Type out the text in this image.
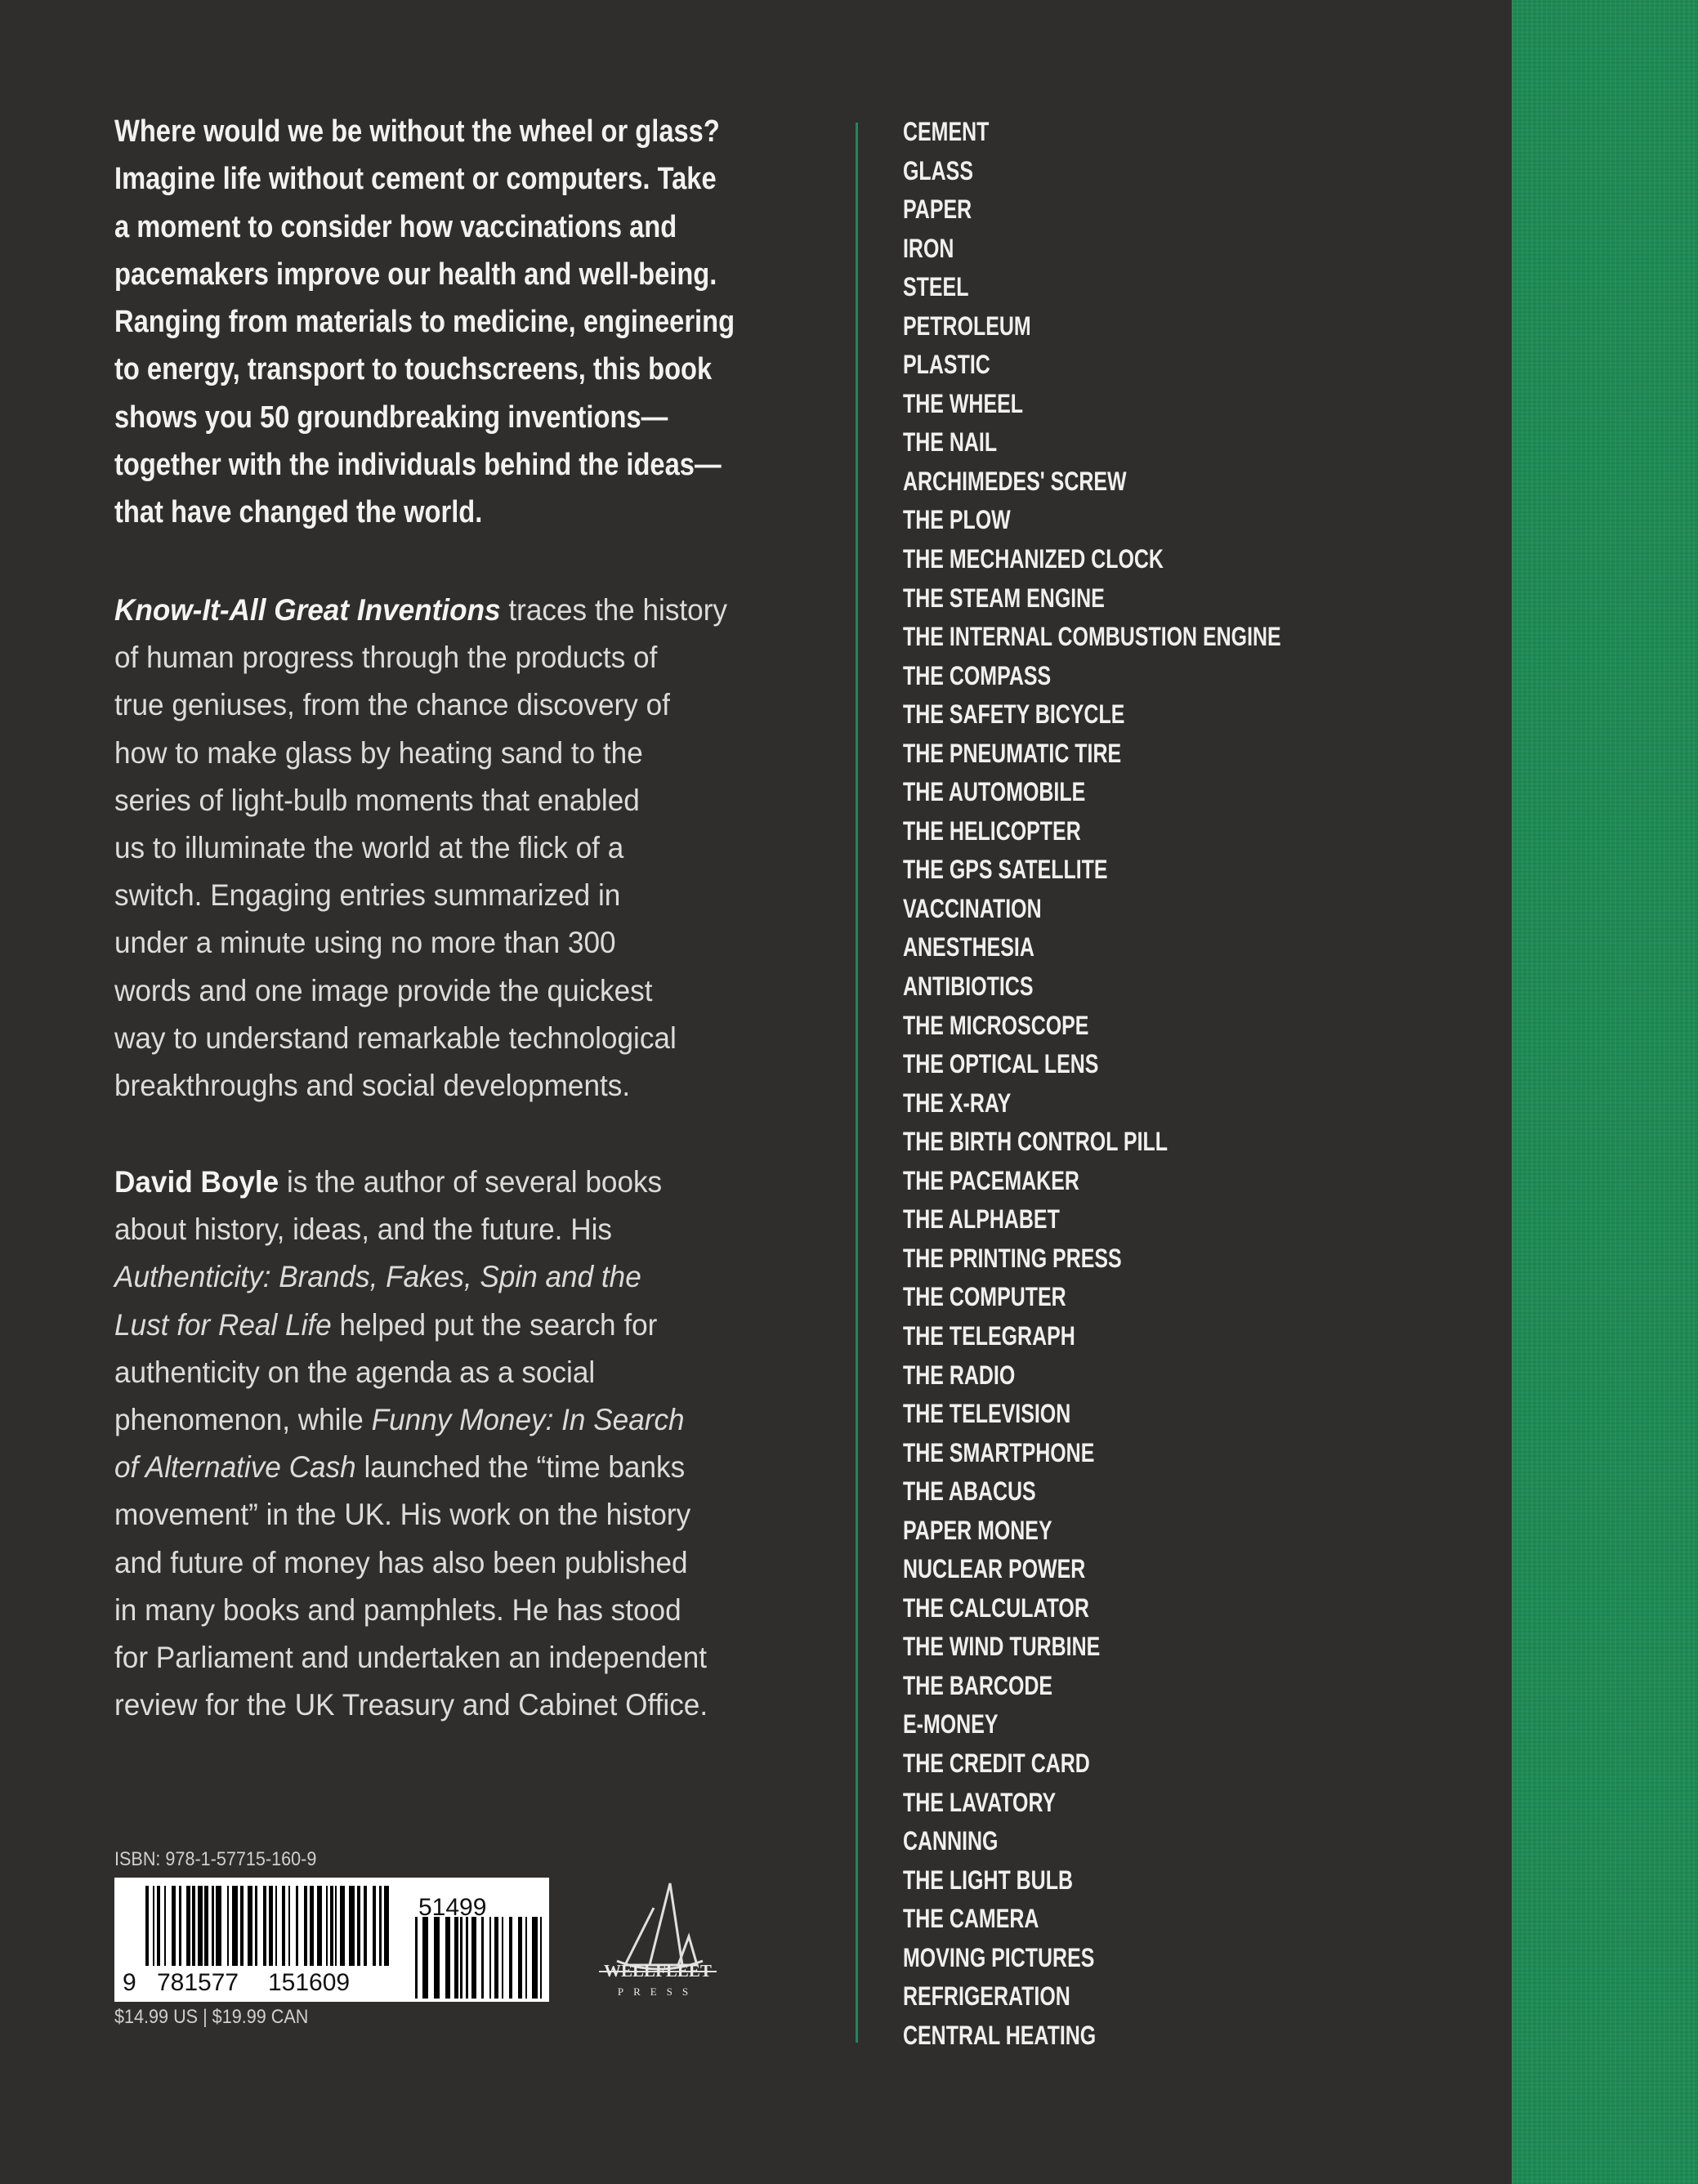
Where would we be without the wheel or glass?
Imagine life without cement or computers. Take
a moment to consider how vaccinations and
pacemakers improve our health and well-being.
Ranging from materials to medicine, engineering
to energy, transport to touchscreens, this book
shows you 50 groundbreaking inventions—
together with the individuals behind the ideas—
that have changed the world.
Know-It-All Great Inventions traces the history
of human progress through the products of
true geniuses, from the chance discovery of
how to make glass by heating sand to the
series of light-bulb moments that enabled
us to illuminate the world at the flick of a
switch. Engaging entries summarized in
under a minute using no more than 300
words and one image provide the quickest
way to understand remarkable technological
breakthroughs and social developments.
David Boyle is the author of several books
about history, ideas, and the future. His
Authenticity: Brands, Fakes, Spin and the
Lust for Real Life helped put the search for
authenticity on the agenda as a social
phenomenon, while Funny Money: In Search
of Alternative Cash launched the “time banks
movement” in the UK. His work on the history
and future of money has also been published
in many books and pamphlets. He has stood
for Parliament and undertaken an independent
review for the UK Treasury and Cabinet Office.
CEMENT
GLASS
PAPER
IRON
STEEL
PETROLEUM
PLASTIC
THE WHEEL
THE NAIL
ARCHIMEDES' SCREW
THE PLOW
THE MECHANIZED CLOCK
THE STEAM ENGINE
THE INTERNAL COMBUSTION ENGINE
THE COMPASS
THE SAFETY BICYCLE
THE PNEUMATIC TIRE
THE AUTOMOBILE
THE HELICOPTER
THE GPS SATELLITE
VACCINATION
ANESTHESIA
ANTIBIOTICS
THE MICROSCOPE
THE OPTICAL LENS
THE X-RAY
THE BIRTH CONTROL PILL
THE PACEMAKER
THE ALPHABET
THE PRINTING PRESS
THE COMPUTER
THE TELEGRAPH
THE RADIO
THE TELEVISION
THE SMARTPHONE
THE ABACUS
PAPER MONEY
NUCLEAR POWER
THE CALCULATOR
THE WIND TURBINE
THE BARCODE
E-MONEY
THE CREDIT CARD
THE LAVATORY
CANNING
THE LIGHT BULB
THE CAMERA
MOVING PICTURES
REFRIGERATION
CENTRAL HEATING
ISBN: 978-1-57715-160-9
9 781577 151609
51499
$14.99 US | $19.99 CAN
WELLFLEET
PRESS
